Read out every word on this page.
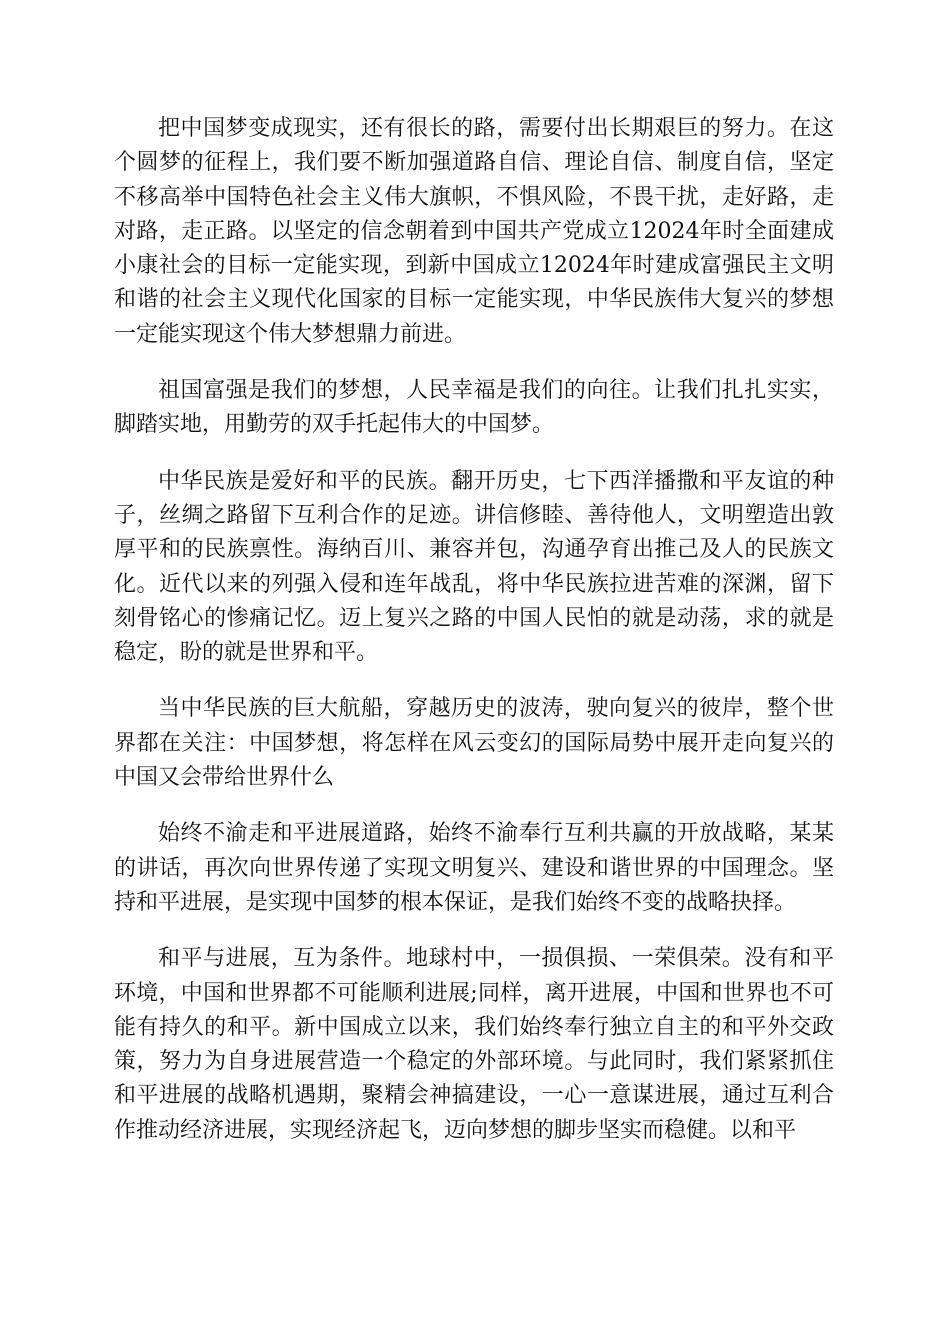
把中国梦变成现实，还有很长的路，需要付出长期艰巨的努力。在这个圆梦的征程上，我们要不断加强道路自信、理论自信、制度自信，坚定不移高举中国特色社会主义伟大旗帜，不惧风险，不畏干扰，走好路，走对路，走正路。以坚定的信念朝着到中国共产党成立12024年时全面建成小康社会的目标一定能实现，到新中国成立12024年时建成富强民主文明和谐的社会主义现代化国家的目标一定能实现，中华民族伟大复兴的梦想一定能实现这个伟大梦想鼎力前进。

祖国富强是我们的梦想，人民幸福是我们的向往。让我们扎扎实实，脚踏实地，用勤劳的双手托起伟大的中国梦。

中华民族是爱好和平的民族。翻开历史，七下西洋播撒和平友谊的种子，丝绸之路留下互利合作的足迹。讲信修睦、善待他人，文明塑造出敦厚平和的民族禀性。海纳百川、兼容并包，沟通孕育出推己及人的民族文化。近代以来的列强入侵和连年战乱，将中华民族拉进苦难的深渊，留下刻骨铭心的惨痛记忆。迈上复兴之路的中国人民怕的就是动荡，求的就是稳定，盼的就是世界和平。

当中华民族的巨大航船，穿越历史的波涛，驶向复兴的彼岸，整个世界都在关注：中国梦想，将怎样在风云变幻的国际局势中展开走向复兴的中国又会带给世界什么

始终不渝走和平进展道路，始终不渝奉行互利共赢的开放战略，某某的讲话，再次向世界传递了实现文明复兴、建设和谐世界的中国理念。坚持和平进展，是实现中国梦的根本保证，是我们始终不变的战略抉择。

和平与进展，互为条件。地球村中，一损俱损、一荣俱荣。没有和平环境，中国和世界都不可能顺利进展;同样，离开进展，中国和世界也不可能有持久的和平。新中国成立以来，我们始终奉行独立自主的和平外交政策，努力为自身进展营造一个稳定的外部环境。与此同时，我们紧紧抓住和平进展的战略机遇期，聚精会神搞建设，一心一意谋进展，通过互利合作推动经济进展，实现经济起飞，迈向梦想的脚步坚实而稳健。以和平
